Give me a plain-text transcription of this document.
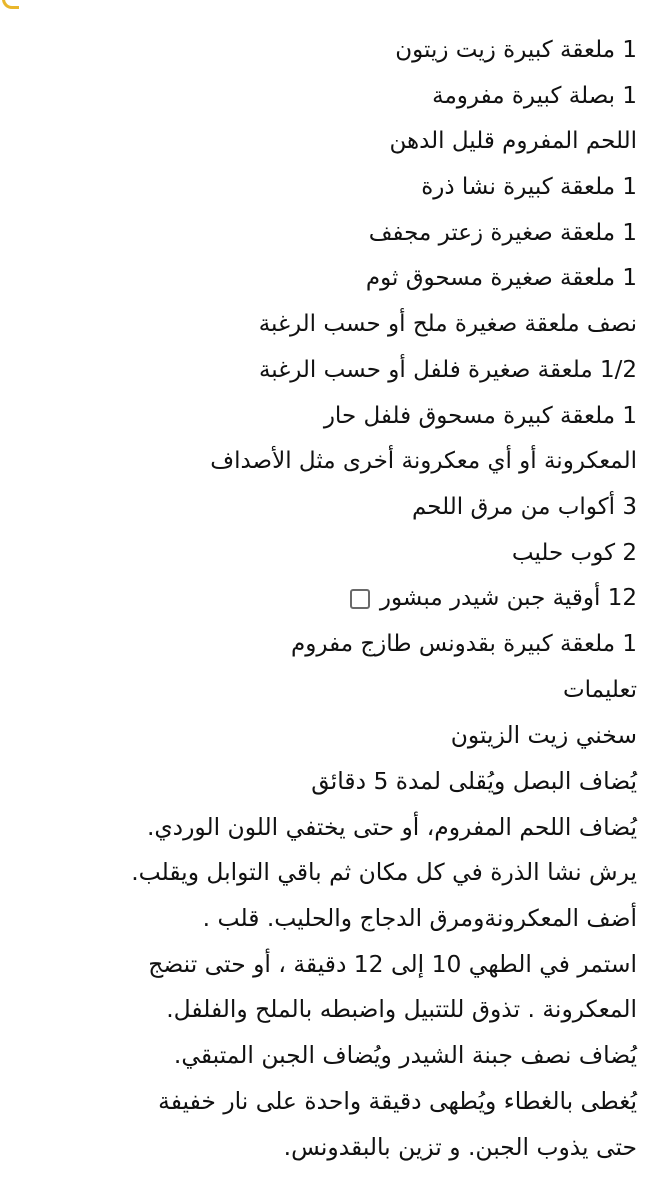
1 ملعقة كبيرة زيت زيتون
1 بصلة كبيرة مفرومة
اللحم المفروم قليل الدهن
1 ملعقة كبيرة نشا ذرة
1 ملعقة صغيرة زعتر مجفف
1 ملعقة صغيرة مسحوق ثوم
نصف ملعقة صغيرة ملح أو حسب الرغبة
1/2 ملعقة صغيرة فلفل أو حسب الرغبة
1 ملعقة كبيرة مسحوق فلفل حار
المعكرونة أو أي معكرونة أخرى مثل الأصداف
3 أكواب من مرق اللحم
2 كوب حليب
12 أوقية جبن شيدر مبشور
1 ملعقة كبيرة بقدونس طازج مفروم
تعليمات
سخني زيت الزيتون
يُضاف البصل ويُقلى لمدة 5 دقائق
يُضاف اللحم المفروم، أو حتى يختفي اللون الوردي.
يرش نشا الذرة في كل مكان ثم باقي التوابل ويقلب.
أضف المعكرونةومرق الدجاج والحليب. قلب .
استمر في الطهي 10 إلى 12 دقيقة ، أو حتى تنضج
المعكرونة . تذوق للتتبيل واضبطه بالملح والفلفل.
يُضاف نصف جبنة الشيدر ويُضاف الجبن المتبقي.
يُغطى بالغطاء ويُطهى دقيقة واحدة على نار خفيفة
حتى يذوب الجبن. و تزين بالبقدونس.
